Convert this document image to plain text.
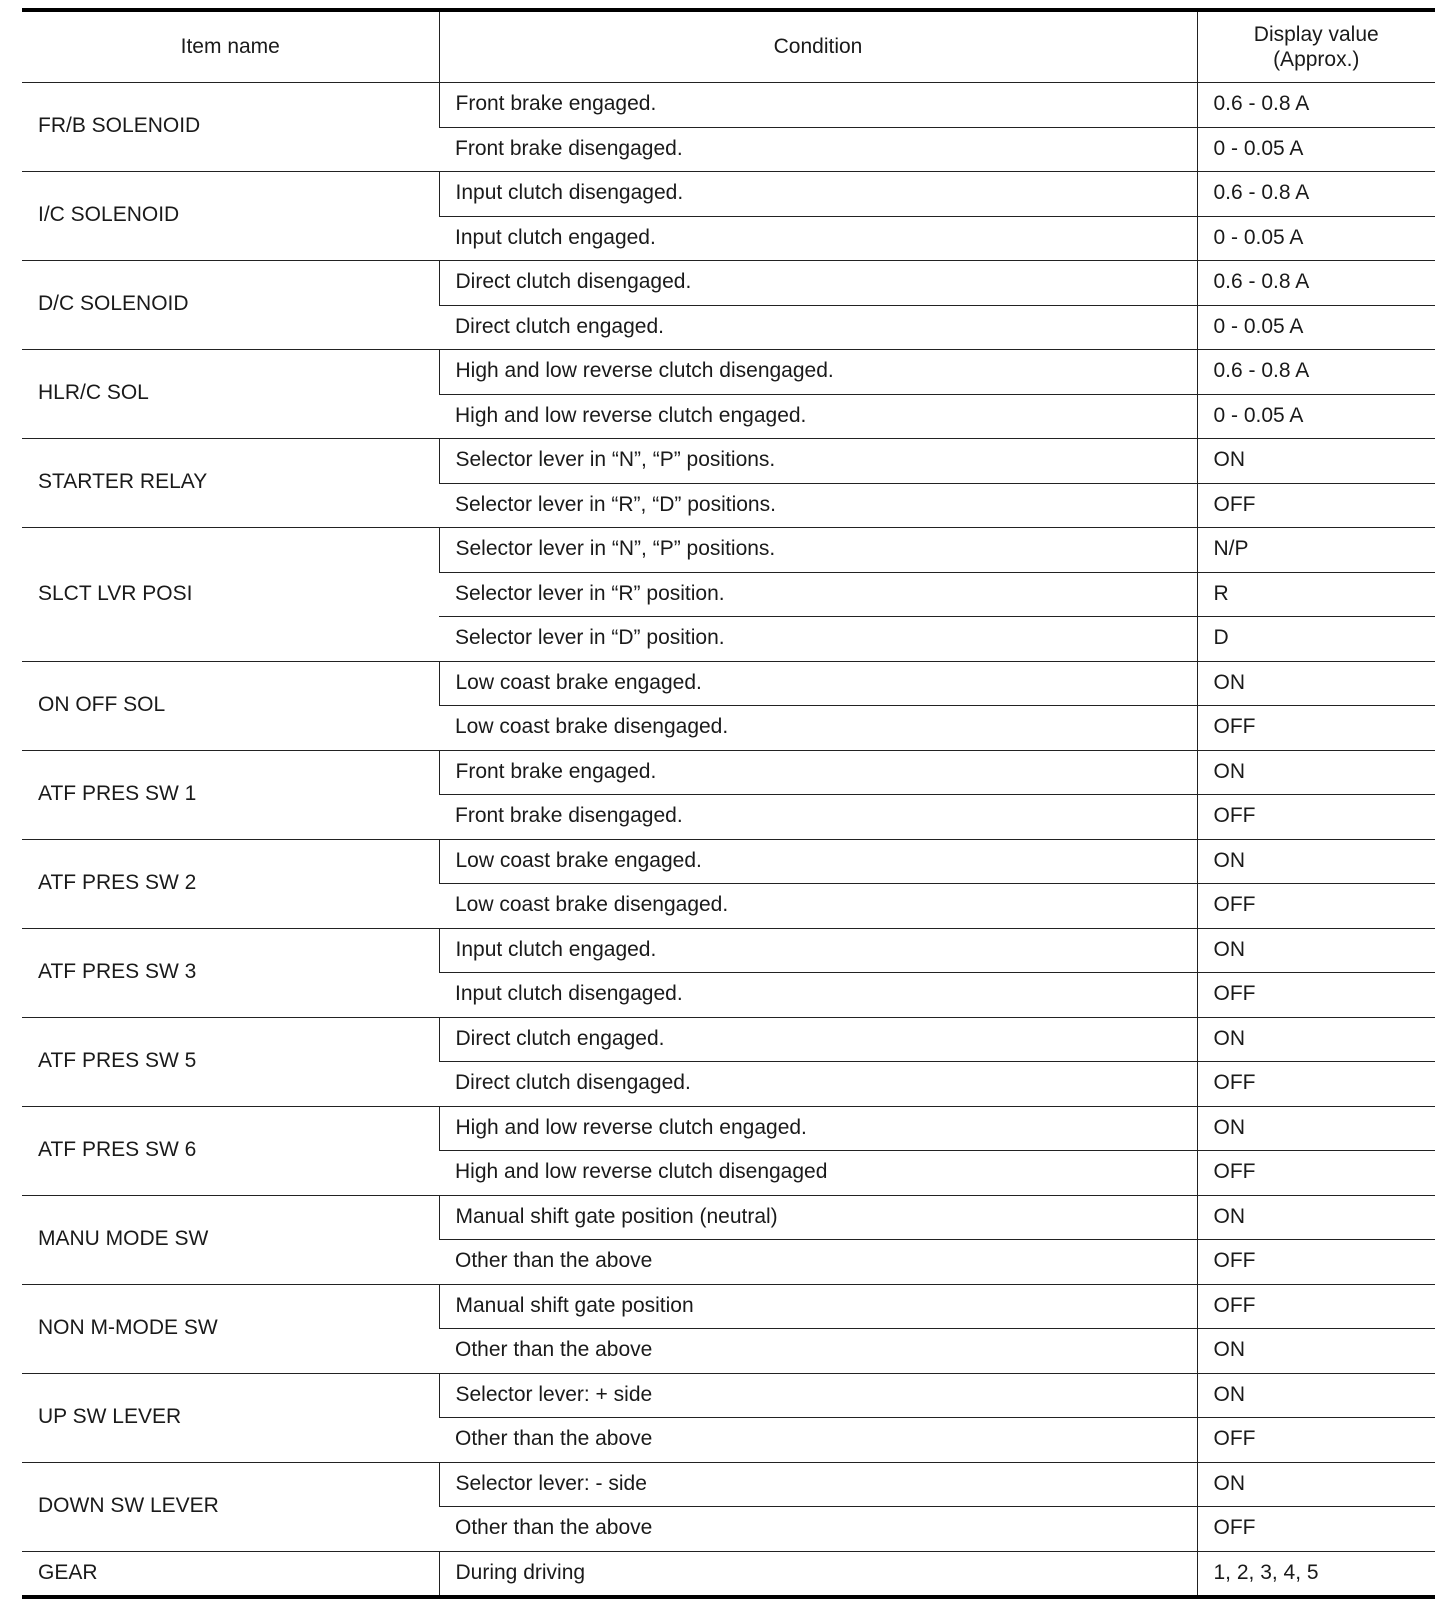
Item name	Condition	Display value
(Approx.)

FR/B SOLENOID	Front brake engaged.	0.6 - 0.8 A
	Front brake disengaged.	0 - 0.05 A
I/C SOLENOID	Input clutch disengaged.	0.6 - 0.8 A
	Input clutch engaged.	0 - 0.05 A
D/C SOLENOID	Direct clutch disengaged.	0.6 - 0.8 A
	Direct clutch engaged.	0 - 0.05 A
HLR/C SOL	High and low reverse clutch disengaged.	0.6 - 0.8 A
	High and low reverse clutch engaged.	0 - 0.05 A
STARTER RELAY	Selector lever in “N”, “P” positions.	ON
	Selector lever in “R”, “D” positions.	OFF
SLCT LVR POSI	Selector lever in “N”, “P” positions.	N/P
	Selector lever in “R” position.	R
	Selector lever in “D” position.	D
ON OFF SOL	Low coast brake engaged.	ON
	Low coast brake disengaged.	OFF
ATF PRES SW 1	Front brake engaged.	ON
	Front brake disengaged.	OFF
ATF PRES SW 2	Low coast brake engaged.	ON
	Low coast brake disengaged.	OFF
ATF PRES SW 3	Input clutch engaged.	ON
	Input clutch disengaged.	OFF
ATF PRES SW 5	Direct clutch engaged.	ON
	Direct clutch disengaged.	OFF
ATF PRES SW 6	High and low reverse clutch engaged.	ON
	High and low reverse clutch disengaged	OFF
MANU MODE SW	Manual shift gate position (neutral)	ON
	Other than the above	OFF
NON M-MODE SW	Manual shift gate position	OFF
	Other than the above	ON
UP SW LEVER	Selector lever: + side	ON
	Other than the above	OFF
DOWN SW LEVER	Selector lever: - side	ON
	Other than the above	OFF
GEAR	During driving	1, 2, 3, 4, 5
